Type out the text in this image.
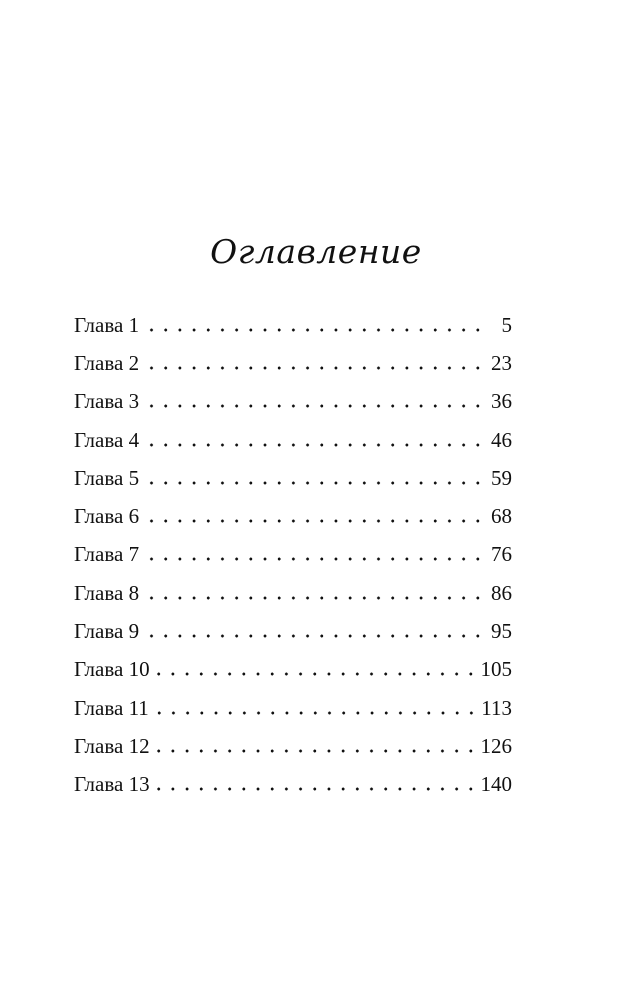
Оглавление
Глава 1	5
Глава 2	23
Глава 3	36
Глава 4	46
Глава 5	59
Глава 6	68
Глава 7	76
Глава 8	86
Глава 9	95
Глава 10	105
Глава 11	113
Глава 12	126
Глава 13	140
